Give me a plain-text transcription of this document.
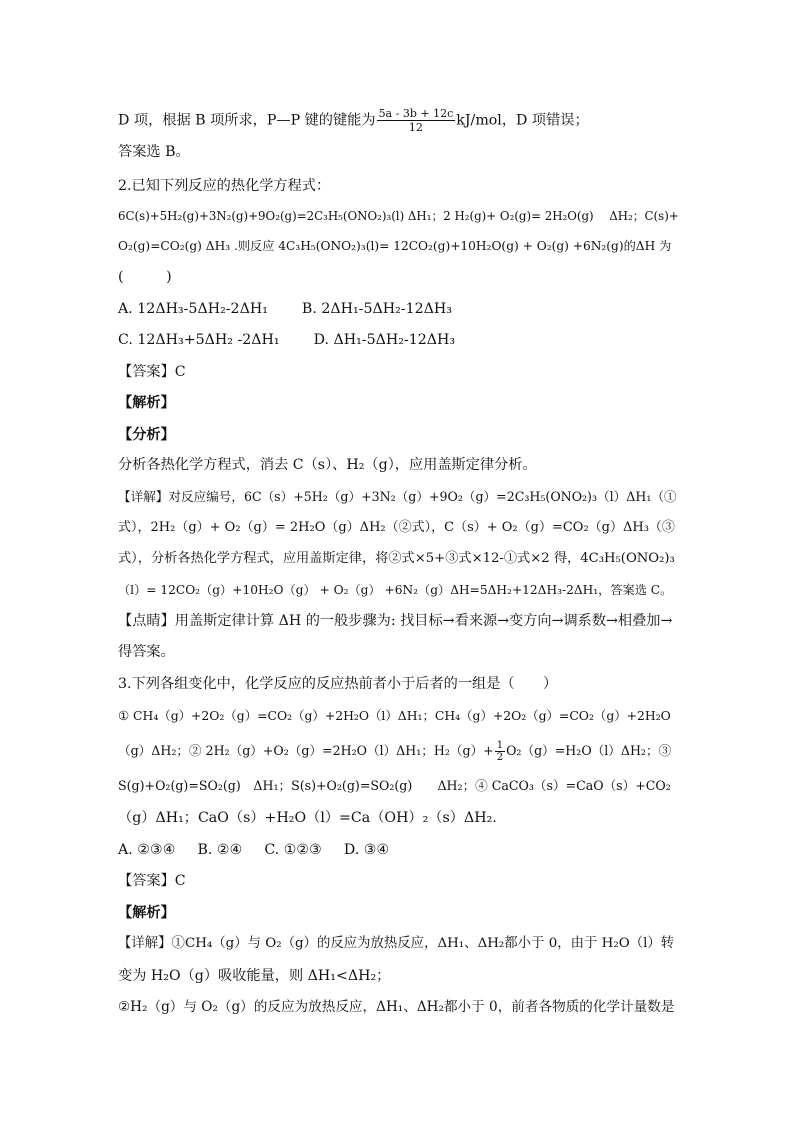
D 项，根据 B 项所求，P—P 键的键能为 $\frac{5a - 3b + 12c}{12} kJ/mol$，D 项错误；
答案选 B。
2.已知下列反应的热化学方程式：
6C(s)+5H₂(g)+3N₂(g)+9O₂(g)=2C₃H₅(ONO₂)₃(l) ΔH₁；2 H₂(g)+ O₂(g)= 2H₂O(g)　 ΔH₂；C(s)+
O₂(g)=CO₂(g) ΔH₃ .则反应 4C₃H₅(ONO₂)₃(l)= 12CO₂(g)+10H₂O(g) + O₂(g) +6N₂(g)的ΔH 为
(　　　)
A. 12ΔH₃-5ΔH₂-2ΔH₁ B. 2ΔH₁-5ΔH₂-12ΔH₃
C. 12ΔH₃+5ΔH₂ -2ΔH₁ D. ΔH₁-5ΔH₂-12ΔH₃
【答案】C
【解析】
【分析】
分析各热化学方程式，消去 C（s）、H₂（g），应用盖斯定律分析。
【详解】对反应编号，6C（s）+5H₂（g）+3N₂（g）+9O₂（g）=2C₃H₅(ONO₂)₃（l）ΔH₁（①
式），2H₂（g）+ O₂（g）= 2H₂O（g）ΔH₂（②式），C（s）+ O₂（g）=CO₂（g）ΔH₃（③
式），分析各热化学方程式，应用盖斯定律，将②式×5+③式×12-①式×2 得，4C₃H₅(ONO₂)₃
（l）= 12CO₂（g）+10H₂O（g） + O₂（g） +6N₂（g）ΔH=5ΔH₂+12ΔH₃-2ΔH₁，答案选 C。
【点睛】用盖斯定律计算 ΔH 的一般步骤为: 找目标→看来源→变方向→调系数→相叠加→
得答案。
3.下列各组变化中，化学反应的反应热前者小于后者的一组是（　　）
① CH₄（g）+2O₂（g）=CO₂（g）+2H₂O（l）ΔH₁；CH₄（g）+2O₂（g）=CO₂（g）+2H₂O
（g）ΔH₂；② 2H₂（g）+O₂（g）=2H₂O（l）ΔH₁；$H_2(g)+ \frac{1}{2} O_2(g)=H_2O(l)\Delta H_2$；③
S(g)+O₂(g)=SO₂(g)　ΔH₁；S(s)+O₂(g)=SO₂(g)　　ΔH₂；④ CaCO₃（s）=CaO（s）+CO₂
（g）ΔH₁；CaO（s）+H₂O（l）=Ca（OH）₂（s）ΔH₂.
A. ②③④ B. ②④ C. ①②③ D. ③④
【答案】C
【解析】
【详解】①CH₄（g）与 O₂（g）的反应为放热反应，ΔH₁、ΔH₂都小于 0，由于 H₂O（l）转
变为 H₂O（g）吸收能量，则 ΔH₁<ΔH₂；
②H₂（g）与 O₂（g）的反应为放热反应，ΔH₁、ΔH₂都小于 0，前者各物质的化学计量数是
